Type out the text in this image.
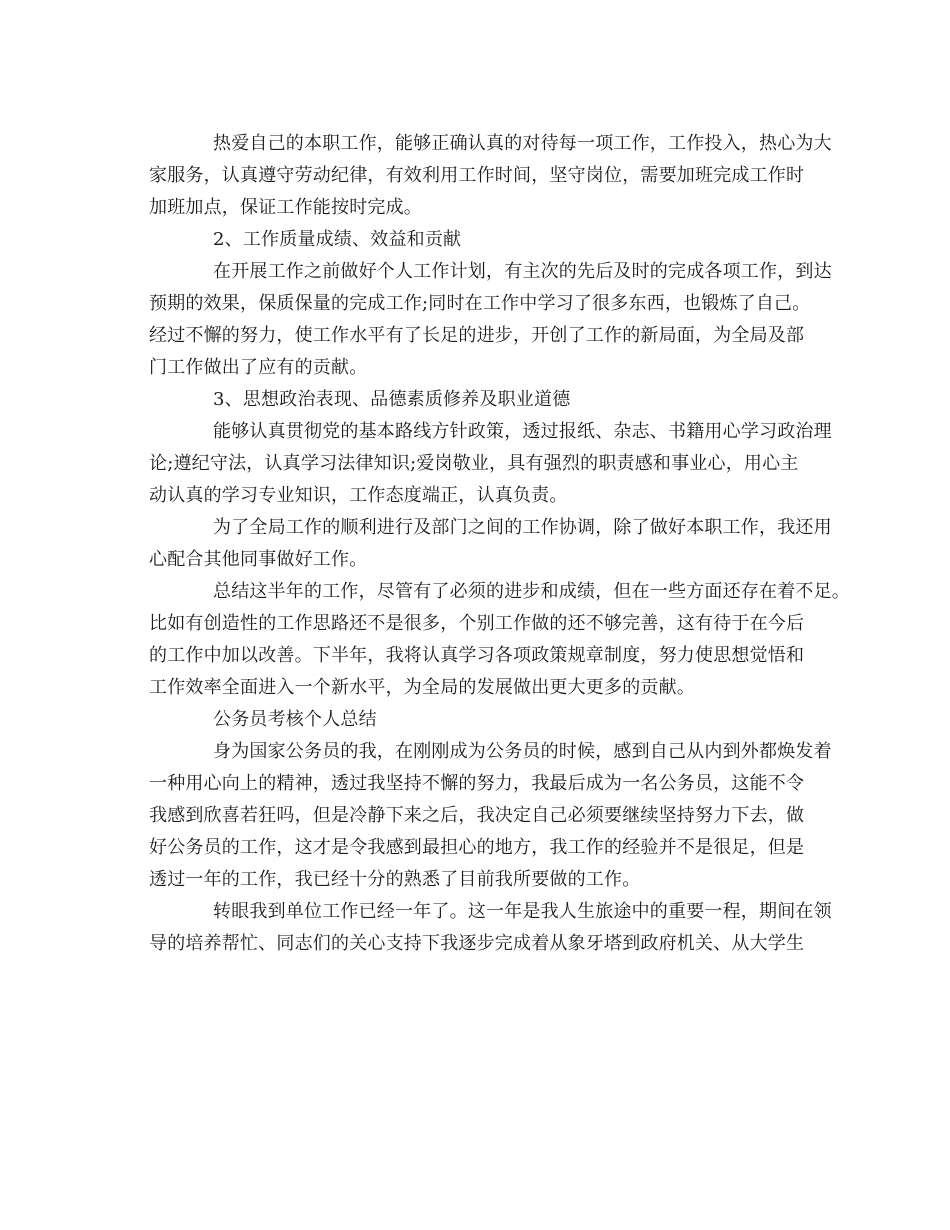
热爱自己的本职工作，能够正确认真的对待每一项工作，工作投入，热心为大
家服务，认真遵守劳动纪律，有效利用工作时间，坚守岗位，需要加班完成工作时
加班加点，保证工作能按时完成。

2、工作质量成绩、效益和贡献

在开展工作之前做好个人工作计划，有主次的先后及时的完成各项工作，到达
预期的效果，保质保量的完成工作;同时在工作中学习了很多东西，也锻炼了自己。
经过不懈的努力，使工作水平有了长足的进步，开创了工作的新局面，为全局及部
门工作做出了应有的贡献。

3、思想政治表现、品德素质修养及职业道德

能够认真贯彻党的基本路线方针政策，透过报纸、杂志、书籍用心学习政治理
论;遵纪守法，认真学习法律知识;爱岗敬业，具有强烈的职责感和事业心，用心主
动认真的学习专业知识，工作态度端正，认真负责。

为了全局工作的顺利进行及部门之间的工作协调，除了做好本职工作，我还用
心配合其他同事做好工作。

总结这半年的工作，尽管有了必须的进步和成绩，但在一些方面还存在着不足。
比如有创造性的工作思路还不是很多，个别工作做的还不够完善，这有待于在今后
的工作中加以改善。下半年，我将认真学习各项政策规章制度，努力使思想觉悟和
工作效率全面进入一个新水平，为全局的发展做出更大更多的贡献。

公务员考核个人总结

身为国家公务员的我，在刚刚成为公务员的时候，感到自己从内到外都焕发着
一种用心向上的精神，透过我坚持不懈的努力，我最后成为一名公务员，这能不令
我感到欣喜若狂吗，但是冷静下来之后，我决定自己必须要继续坚持努力下去，做
好公务员的工作，这才是令我感到最担心的地方，我工作的经验并不是很足，但是
透过一年的工作，我已经十分的熟悉了目前我所要做的工作。

转眼我到单位工作已经一年了。这一年是我人生旅途中的重要一程，期间在领
导的培养帮忙、同志们的关心支持下我逐步完成着从象牙塔到政府机关、从大学生
